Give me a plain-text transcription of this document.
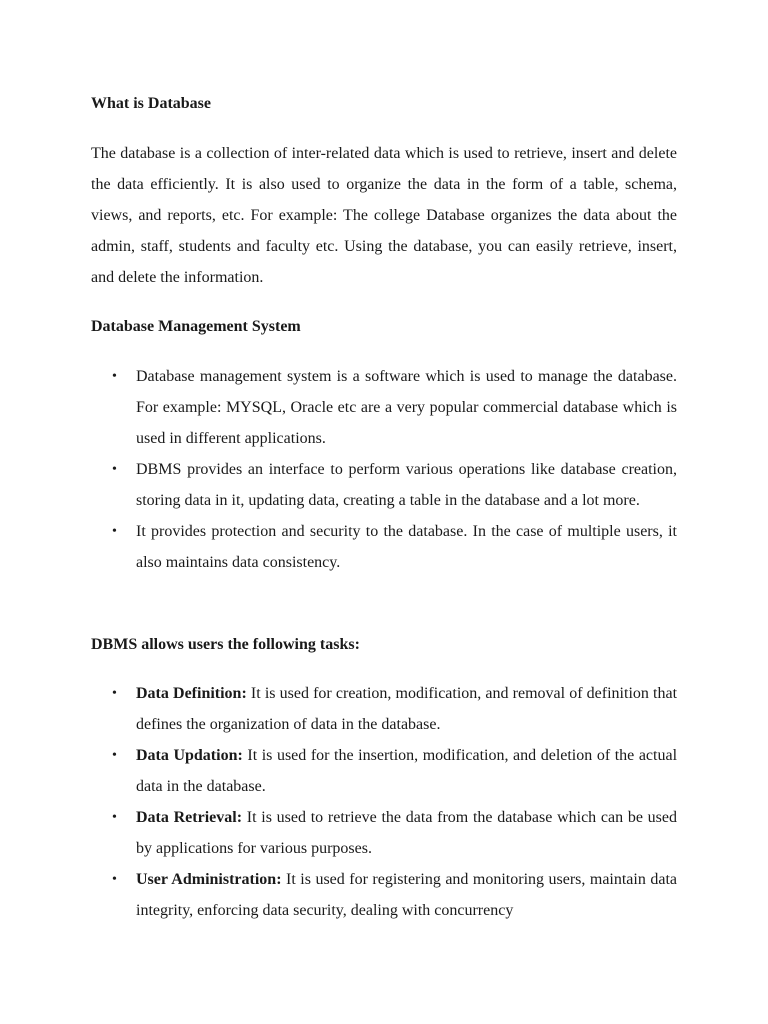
What is Database

The database is a collection of inter-related data which is used to retrieve, insert and delete the data efficiently. It is also used to organize the data in the form of a table, schema, views, and reports, etc. For example: The college Database organizes the data about the admin, staff, students and faculty etc. Using the database, you can easily retrieve, insert, and delete the information.

Database Management System
• Database management system is a software which is used to manage the database. For example: MYSQL, Oracle etc are a very popular commercial database which is used in different applications.
• DBMS provides an interface to perform various operations like database creation, storing data in it, updating data, creating a table in the database and a lot more.
• It provides protection and security to the database. In the case of multiple users, it also maintains data consistency.
DBMS allows users the following tasks:
• Data Definition: It is used for creation, modification, and removal of definition that defines the organization of data in the database.
• Data Updation: It is used for the insertion, modification, and deletion of the actual data in the database.
• Data Retrieval: It is used to retrieve the data from the database which can be used by applications for various purposes.
• User Administration: It is used for registering and monitoring users, maintain data integrity, enforcing data security, dealing with concurrency
